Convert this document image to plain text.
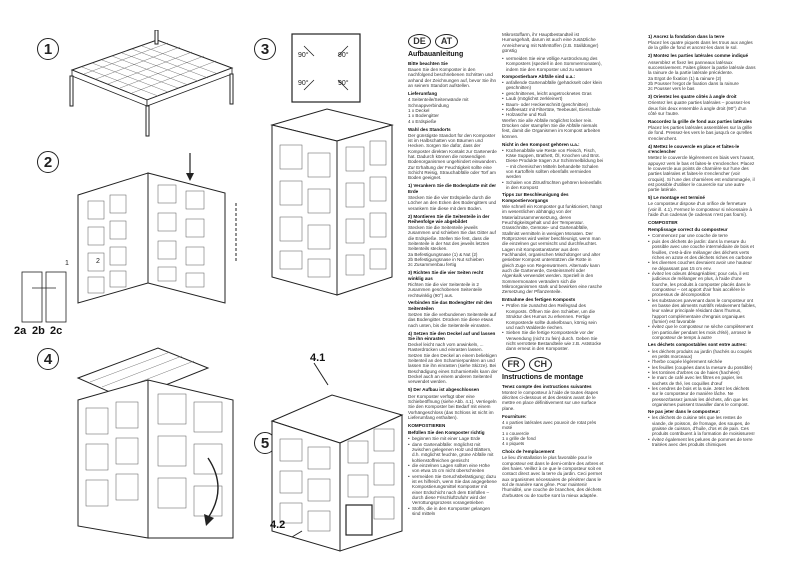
1
2
1	2
2a 2b 2c
3	90°	90°
90°	90°
4
5
4.1
4.2
DE	AT
Aufbauanleitung
Bitte beachten Sie

Bauen Sie den Komposter in den nachfolgend beschriebenen Schritten und anhand der Zeichnungen auf, bevor Sie ihn an seinem Standort aufstellen.

Lieferumfang
4 Seitenteile/Seitenwände mit Schnappverbindung
1 x Deckel
1 x Bodengitter

4 x Erdspieße

Wahl des Standorts

Der günstigste Standort für den Komposter ist im Halbschatten von Bäumen und Hecken. Sorgen Sie dafür, dass der Komposter direkten Kontakt zur Gartenerde hat. Dadurch können die notwendigen Bodenorganismen ungehindert einwandern. Zur Erhaltung der Feuchtigkeit sollte eine Schicht Reisig, Strauchabfälle oder Torf am Boden geeignet.

1) Verankern Sie die Bodenplatte mit der Erde

Stecken Sie die vier Erdspieße durch die Löcher an den Ecken des Bodengitters und verankern Sie diese mit dem Boden.

2) Montieren Sie die Seitenteile in der Reihenfolge wie abgebildet
Stecken Sie die Seitenteile jeweils zusammen und schieben Sie das Gitter auf die Erdspieße. Stellen Sie fest, dass die Seitenteile in der Nut des jeweils letzten Seitenteils stecken.
2a Befestigungsnase (1) & Nut (2)
2b Befestigungsnase in Nut schieben

2c Zusammenbau fertig

3) Richten Sie die vier Seiten recht winklig aus

Richten Sie die vier Seitenteile in 2 zusammen geschobenen Seitenteile rechtwinklig (90°) aus.

Verbinden Sie das Bodengitter mit den Seitenteilen

Setzen Sie die verbundenen Seitenteile auf das Bodengitter. Drücken Sie diese etwas nach unten, bis die Seitenteile einrasten.

4) Setzen Sie den Deckel auf und lassen Sie ihn einrasten

Deckel leicht nach vorn anwinkeln, ... Rasterdrücken und einrasten lassen. Setzen Sie den Deckel an einem beliebigen Seitenteil an den Scharnierpunkten an und lassen Sie ihn einrasten (siehe Skizze). Bei Beschädigung eines Scharnierteils kann der Deckel auch an einem anderen Seitenteil verwendet werden.

5) Der Aufbau ist abgeschlossen

Der Komposter verfügt über eine Schiebeöffnung (siehe Abb. 4.1). Verriegeln Sie den Komposter bei Bedarf mit einem Vorhängeschloss (das Schloss ist nicht im Lieferumfang enthalten).

KOMPOSTIEREN
Befüllen Sie den Komposter richtig
• beginnen Sie mit einer Lage Erde
• dann Gartenabfälle: möglichst mit zwischen gelegenen Holz und Blättern, d.h. möglichst feuchte, grüne Abfälle mit kohlenstoffreichen gemischt
• die einzelnen Lagen sollten eine Höhe von etwa 15 cm nicht überschreiten
• vermeiden Sie Geruchsbelästigung; dazu ist es hilfreich, wenn Sie das angegebene Kompostierungsmittel Komposter mit einer Erdschicht nach dem Einfüllen – durch diese Frischluftzufuhr wird der Verrottungsprozess vorangetrieben
• Stoffe, die in den Komposter gelangen sind mitteln

Mikrostoffarm, ihr Hauptbestandteil ist Humusgehalt, darum ist auch eine zusätzliche Anreicherung mit Nährstoffen (z.B. Stalldünger) günstig

• vermeiden Sie eine völlige Austrocknung des Komposters (speziell in den Sommermonaten), indem Sie den Komposter und zu wässern
Kompostierbare Abfälle sind u.a.:
• anfallende Gartenabfälle (gehäckselt oder klein geschnitten)
• geschnittenes, leicht angetrocknetes Gras
• Laub (möglichst zerkleinert)
• Baum- oder Heckenschnitt (geschnitten)
• Kaffeesatz mit Filtertüte, Teebeutel, Eierschale
• Holzasche und Ruß

Werfen Sie alle Abfälle möglichst locker rein. Drücken oder stampfen Sie die Abfälle niemals fest, damit die Organismen im Kompost arbeiten können.

Nicht in den Kompost gehören u.a.:
• Küchenabfälle wie Reste von Fleisch, Fisch, Käse Suppen, Brathett, Öl, Knochen und Brot. Diese Produkte tragen zur Schimmelbildung bei – mit chemischen Mitteln behandelte Schalen von Kartoffeln sollten ebenfalls vermieden werden
• Schalen von Zitrusfrüchten gehören keinesfalls in den Kompost
Tipps zur Beschleunigung des Kompostiervorgangs

Wie schnell ein Komposter gut funktioniert, hängt im wesentlichen abhängig von der Materialzusammensetzung, deren Feuchtigkeitsgehalt und der Temperatur. Grasschnitte, Gemüse- und Gartenabfälle, Stallmist vermitteln in wenigen Monaten. Der Rottprozess wird weiter beschleunigt, wenn man die einzelnen gut vermischt und durchfeuchtet. Lagen mit Kompostanstarter aus dem Fachhandel, organischen Mischdünger und alter gesiebter Kompost unterstützen die Rotte in gleich Zuge von Regenwürmern. Alternativ kann auch die Gartenerde, Gesteinsmehl oder Algenkalk verwendet werden. Speziell in den Sommermonaten verändern sich die Mikroorganismen stark und bewirken eine rasche Zersetzung der Pflanzenteile.

Entnahme des fertigen Komposts
• Prüfen Sie zunächst den Reifegrad des Komposts. Öffnen Sie den Schieber, um die Struktur des Humus zu erkennen. Fertige Komposterde sollte dunkelbraun, körnig sein und nach Walderde riechen.
• Sieben Sie die fertige Komposterde vor der Verwendung (nicht zu fein) durch. Geben Sie nicht verrottete Bestandteile wie z.B. Aststücke dann erneut in den Komposter.
FR	CH
Instructions de montage
Tenez compte des instructions suivantes

Montez le composteur à l'aide de toutes étapes décrites ci-dessous et des dessins avant de le mettre en place définitivement sur une surface plane.

Fourniture:
4 x parties latérales avec pouvoir de rotat près moté
1 x couvercle
1 x grille de fond

4 x piquets

Choix de l'emplacement

Le lieu d'installation le plus favorable pour le composteur est dans le demi-ombre des arbres et des haies. Veillez à ce que le composteur soit en contact direct avec la terre du jardin. Ceci permet aux organismes nécessaires de pénétrer dans le sol de manière sans gêne. Pour maintenir l'humidité, une couche de branches, des déchets d'arbustes ou de tourbe sont la mieux adaptée.

1) Ancrez la fondation dans la terre

Placez les quatre piquets dans les trous aux angles de la grille de fond et ancrez-les dans le sol.

2) Montez les parties latérales comme indiqué
Assemblez et fixez les panneaux latéraux successivement. Faites glisser la partie latérale dans la rainure de la partie latérale précédente.
2a Ergot de fixation (1) & rainure (2)
2b Pousser l'ergot de fixation dans la rainure

2c Pousser vers le bas

3) Orientez les quatre côtés à angle droit

Orientez les quatre parties latérales – poussez-les deux fois deux ensemble à angle droit (90°) d'un côté sur l'autre.

Raccordez la grille de fond aux parties latérales

Placez les parties latérales assemblées sur la grille de fond. Pressez-les vers le bas jusqu'à ce qu'elles s'enclenchent.

4) Mettez le couvercle en place et faites-le s'enclencher

Mettez le couvercle légèrement en biais vers l'avant, appuyez vers le bas et faites-le s'enclencher. Placez le couvercle aux points de charnière sur l'une des parties latérales et faites-le s'enclencher (voir croquis). Si l'une des charnières est endommagée, il est possible d'utiliser le couvercle sur une autre partie latérale.

5) Le montage est terminé

Le composteur dispose d'un orifice de fermeture (voir ill. 4.1). Fermez le composteur si nécessaire à l'aide d'un cadenas (le cadenas n'est pas fourni).

COMPOSTER
Remplissage correct du composteur
• Commencez par une couche de terre
• puis des déchets de jardin: dans la mesure du possible avec une couche intermédiaire de bois et feuilles, c'est-à-dire mélanger des déchets verts riches en azote et des déchets riches en carbone
• les diverses couches devraient avoir une hauteur ne dépassant pas 15 cm env.
• évitez les odeurs désagréables; pour cela, il est judicieux de mélanger en plus, à l'aide d'une fourche, les produits à composter placés dans le composteur – cet apport d'air frais accélère le processus de décomposition
• les substances parvenant dans le composteur ont en basse des aliments nutritifs relativement faibles, leur valeur principale résidant dans l'humus, l'apport complémentaire d'engrais organiques (fumier) est favorable
• évitez que le composteur ne sèche complètement (en particulier pendant les mois d'été), arrosez le composteur de temps à autre
Les déchets compostables sont entre autres:
• les déchets produits au jardin (hachés ou coupés en petits morceaux)
• l'herbe coupée légèrement séchée
• les feuilles (coupées dans la mesure du possible)
• les tontines d'arbres ou de haies (hachées)
• le marc de café avec les filtres en papier, les sachets de thé, les coquilles d'œuf
• les cendres de bois et la suie. Jetez les déchets sur le composteur de manière lâche. Ne pressez/tassez jamais les déchets, afin que les organismes puissent travailler dans le compost.
Ne pas jeter dans le composteur:
• les déchets de cuisine tels que les restes de viande, de poisson, de fromage, des soupes, de graisse de cuisson, d'huile, d'os et de pain. Ces produits contribuent à la formation de moisissures!
• évitez également les pelures de pommes de terre traitées avec des produits chimiques
